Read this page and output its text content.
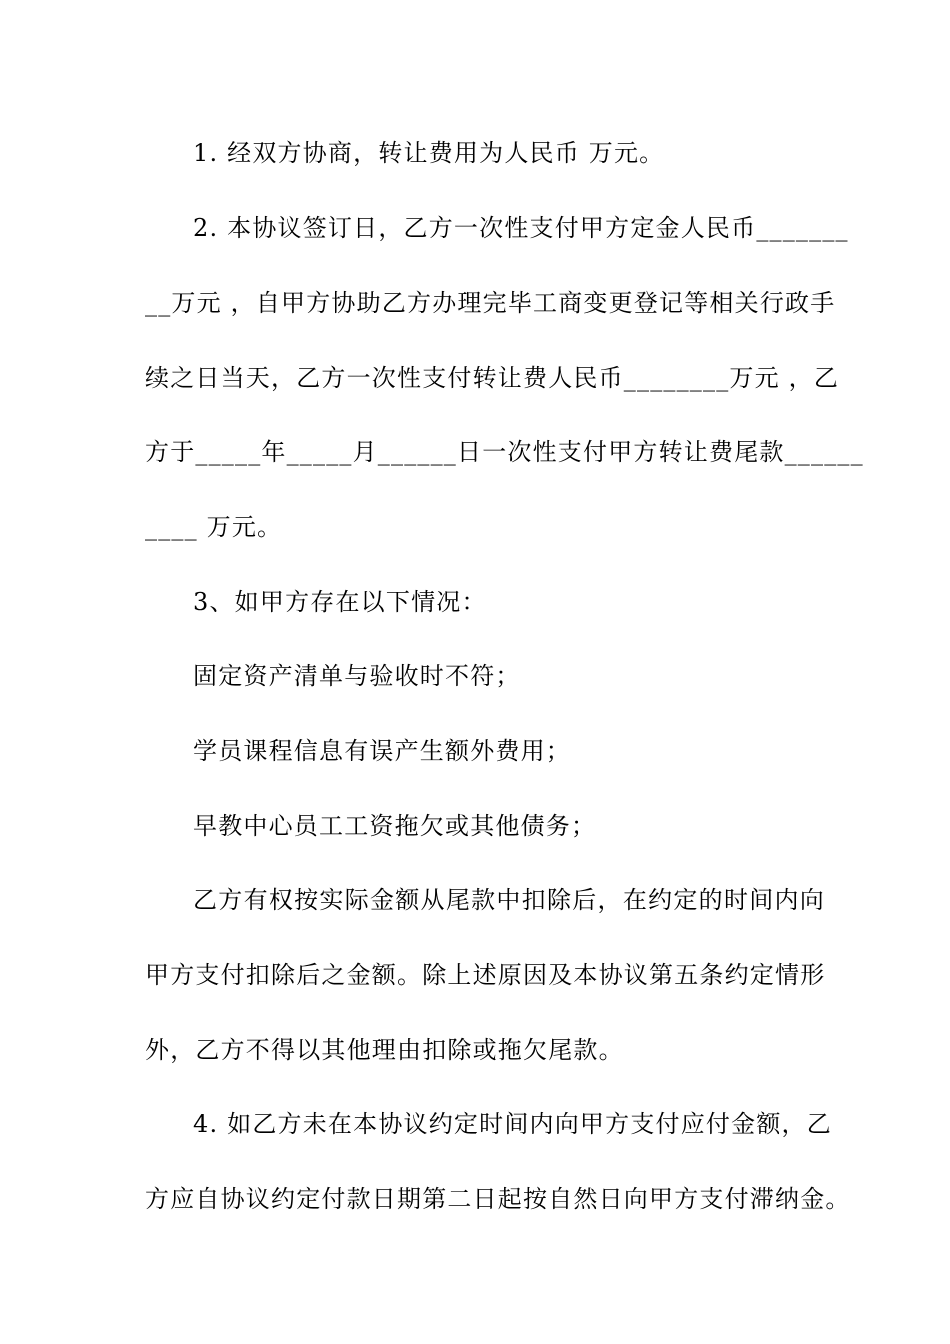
1. 经双方协商，转让费用为人民币 万元。
2. 本协议签订日，乙方一次性支付甲方定金人民币_______
__万元 ，自甲方协助乙方办理完毕工商变更登记等相关行政手
续之日当天，乙方一次性支付转让费人民币________万元 ，乙
方于_____年_____月______日一次性支付甲方转让费尾款______
____ 万元。
3、如甲方存在以下情况：
固定资产清单与验收时不符；
学员课程信息有误产生额外费用；
早教中心员工工资拖欠或其他债务；
乙方有权按实际金额从尾款中扣除后，在约定的时间内向
甲方支付扣除后之金额。除上述原因及本协议第五条约定情形
外，乙方不得以其他理由扣除或拖欠尾款。
4. 如乙方未在本协议约定时间内向甲方支付应付金额，乙
方应自协议约定付款日期第二日起按自然日向甲方支付滞纳金。
